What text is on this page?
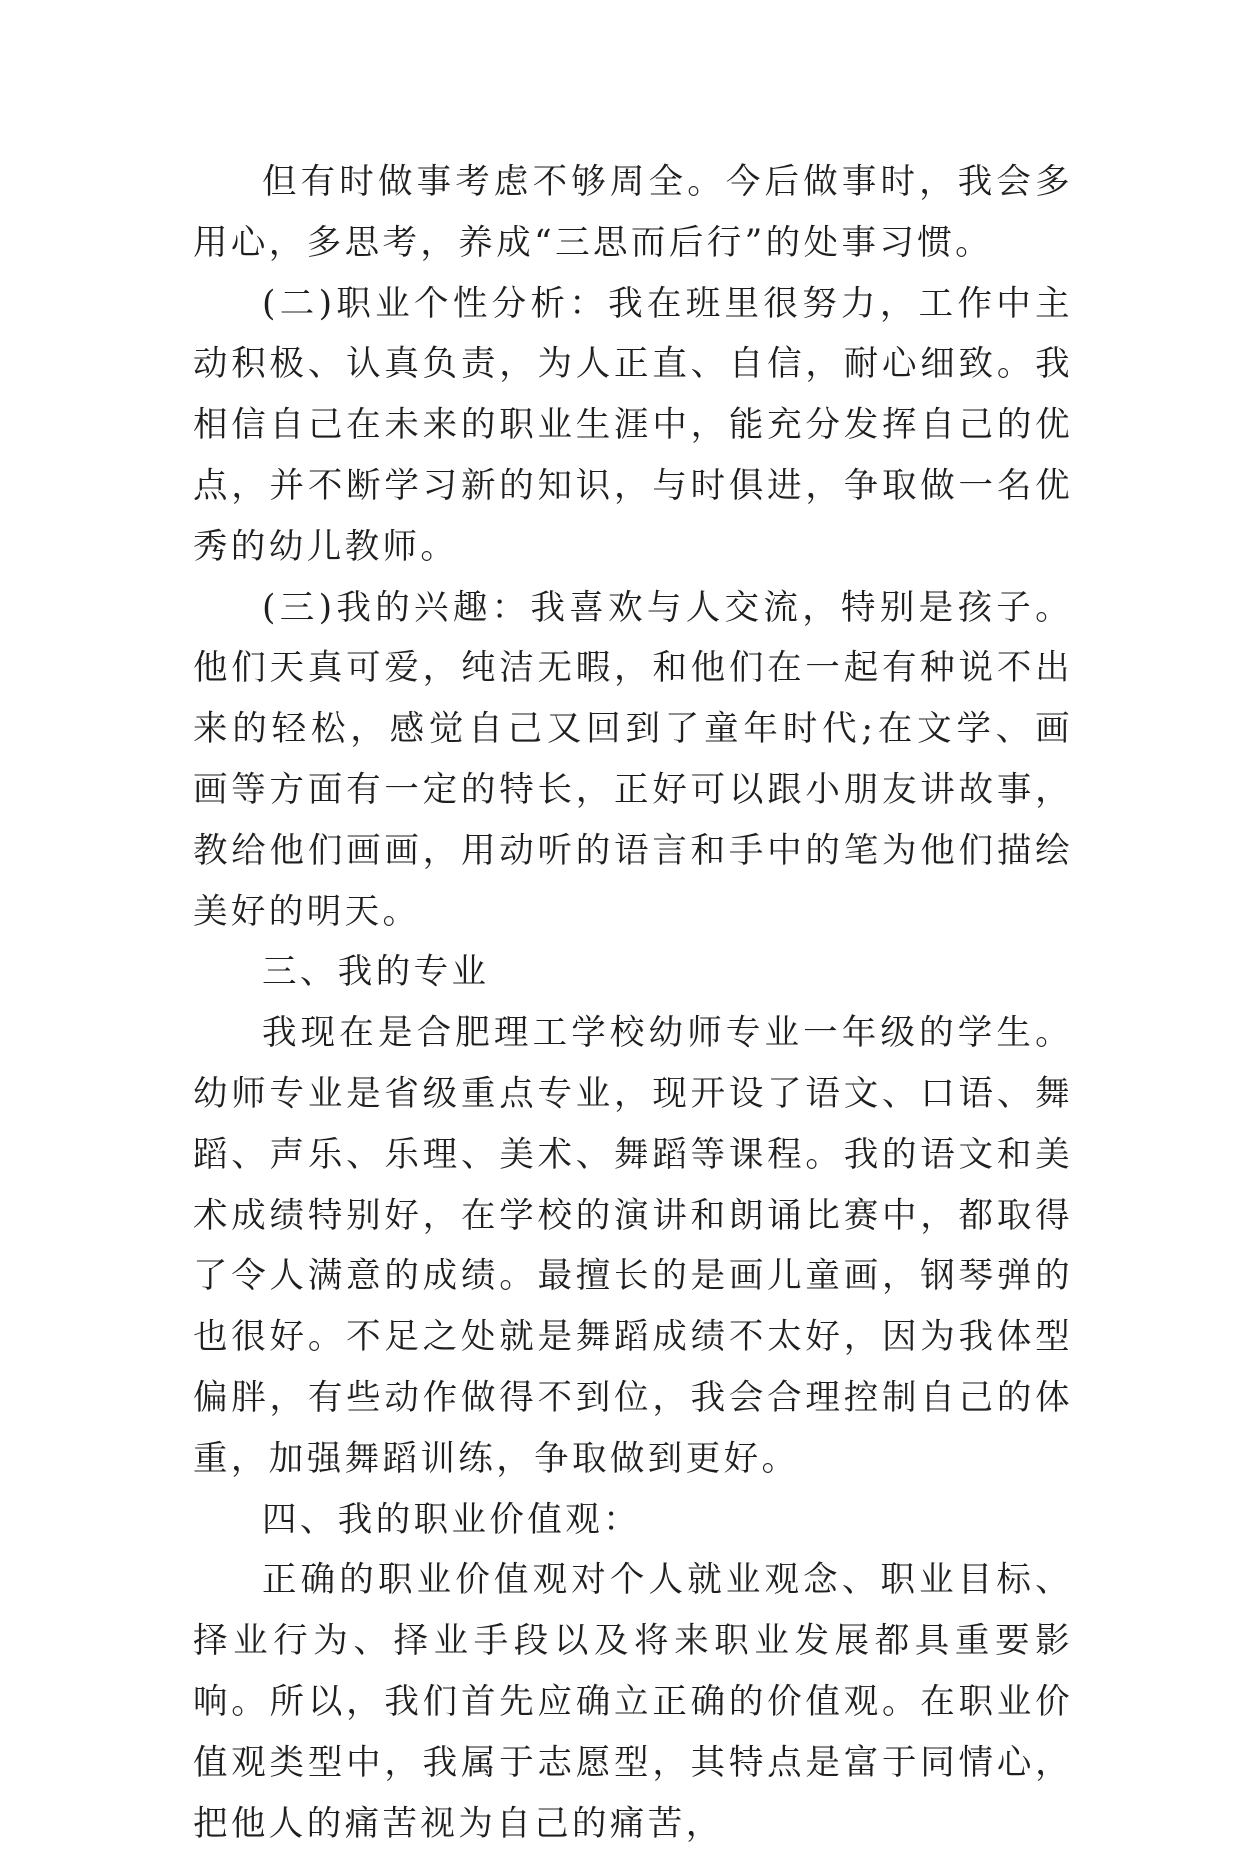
但有时做事考虑不够周全。今后做事时，我会多用心，多思考，养成“三思而后行”的处事习惯。

(二)职业个性分析：我在班里很努力，工作中主动积极、认真负责，为人正直、自信，耐心细致。我相信自己在未来的职业生涯中，能充分发挥自己的优点，并不断学习新的知识，与时俱进，争取做一名优秀的幼儿教师。

(三)我的兴趣：我喜欢与人交流，特别是孩子。他们天真可爱，纯洁无暇，和他们在一起有种说不出来的轻松，感觉自己又回到了童年时代;在文学、画画等方面有一定的特长，正好可以跟小朋友讲故事，教给他们画画，用动听的语言和手中的笔为他们描绘美好的明天。

三、我的专业

我现在是合肥理工学校幼师专业一年级的学生。幼师专业是省级重点专业，现开设了语文、口语、舞蹈、声乐、乐理、美术、舞蹈等课程。我的语文和美术成绩特别好，在学校的演讲和朗诵比赛中，都取得了令人满意的成绩。最擅长的是画儿童画，钢琴弹的也很好。不足之处就是舞蹈成绩不太好，因为我体型偏胖，有些动作做得不到位，我会合理控制自己的体重，加强舞蹈训练，争取做到更好。

四、我的职业价值观：

正确的职业价值观对个人就业观念、职业目标、择业行为、择业手段以及将来职业发展都具重要影响。所以，我们首先应确立正确的价值观。在职业价值观类型中，我属于志愿型，其特点是富于同情心，把他人的痛苦视为自己的痛苦，
